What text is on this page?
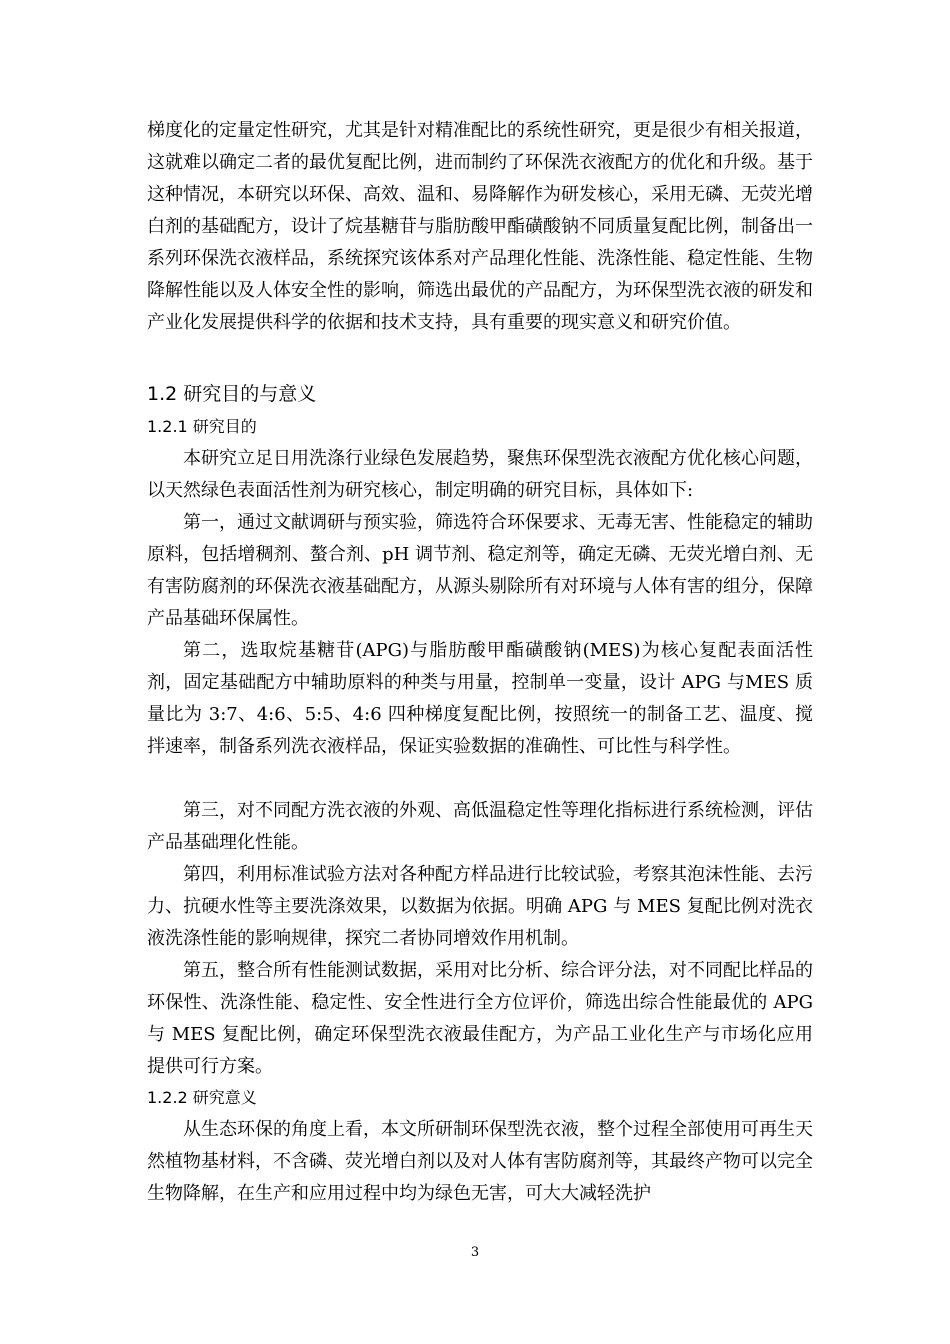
梯度化的定量定性研究，尤其是针对精准配比的系统性研究，更是很少有相关报道，这就难以确定二者的最优复配比例，进而制约了环保洗衣液配方的优化和升级。基于这种情况，本研究以环保、高效、温和、易降解作为研发核心，采用无磷、无荧光增白剂的基础配方，设计了烷基糖苷与脂肪酸甲酯磺酸钠不同质量复配比例，制备出一系列环保洗衣液样品，系统探究该体系对产品理化性能、洗涤性能、稳定性能、生物降解性能以及人体安全性的影响，筛选出最优的产品配方，为环保型洗衣液的研发和产业化发展提供科学的依据和技术支持，具有重要的现实意义和研究价值。

1.2 研究目的与意义
1.2.1 研究目的

本研究立足日用洗涤行业绿色发展趋势，聚焦环保型洗衣液配方优化核心问题，以天然绿色表面活性剂为研究核心，制定明确的研究目标，具体如下:

第一，通过文献调研与预实验，筛选符合环保要求、无毒无害、性能稳定的辅助原料，包括增稠剂、螯合剂、pH 调节剂、稳定剂等，确定无磷、无荧光增白剂、无有害防腐剂的环保洗衣液基础配方，从源头剔除所有对环境与人体有害的组分，保障产品基础环保属性。

第二，选取烷基糖苷(APG)与脂肪酸甲酯磺酸钠(MES)为核心复配表面活性剂，固定基础配方中辅助原料的种类与用量，控制单一变量，设计 APG 与MES 质量比为 3:7、4:6、5:5、4:6 四种梯度复配比例，按照统一的制备工艺、温度、搅拌速率，制备系列洗衣液样品，保证实验数据的准确性、可比性与科学性。

第三，对不同配方洗衣液的外观、高低温稳定性等理化指标进行系统检测，评估产品基础理化性能。

第四，利用标准试验方法对各种配方样品进行比较试验，考察其泡沫性能、去污力、抗硬水性等主要洗涤效果，以数据为依据。明确 APG 与 MES 复配比例对洗衣液洗涤性能的影响规律，探究二者协同增效作用机制。

第五，整合所有性能测试数据，采用对比分析、综合评分法，对不同配比样品的环保性、洗涤性能、稳定性、安全性进行全方位评价，筛选出综合性能最优的 APG 与 MES 复配比例，确定环保型洗衣液最佳配方，为产品工业化生产与市场化应用提供可行方案。

1.2.2 研究意义

从生态环保的角度上看，本文所研制环保型洗衣液，整个过程全部使用可再生天然植物基材料，不含磷、荧光增白剂以及对人体有害防腐剂等，其最终产物可以完全生物降解，在生产和应用过程中均为绿色无害，可大大减轻洗护

3
